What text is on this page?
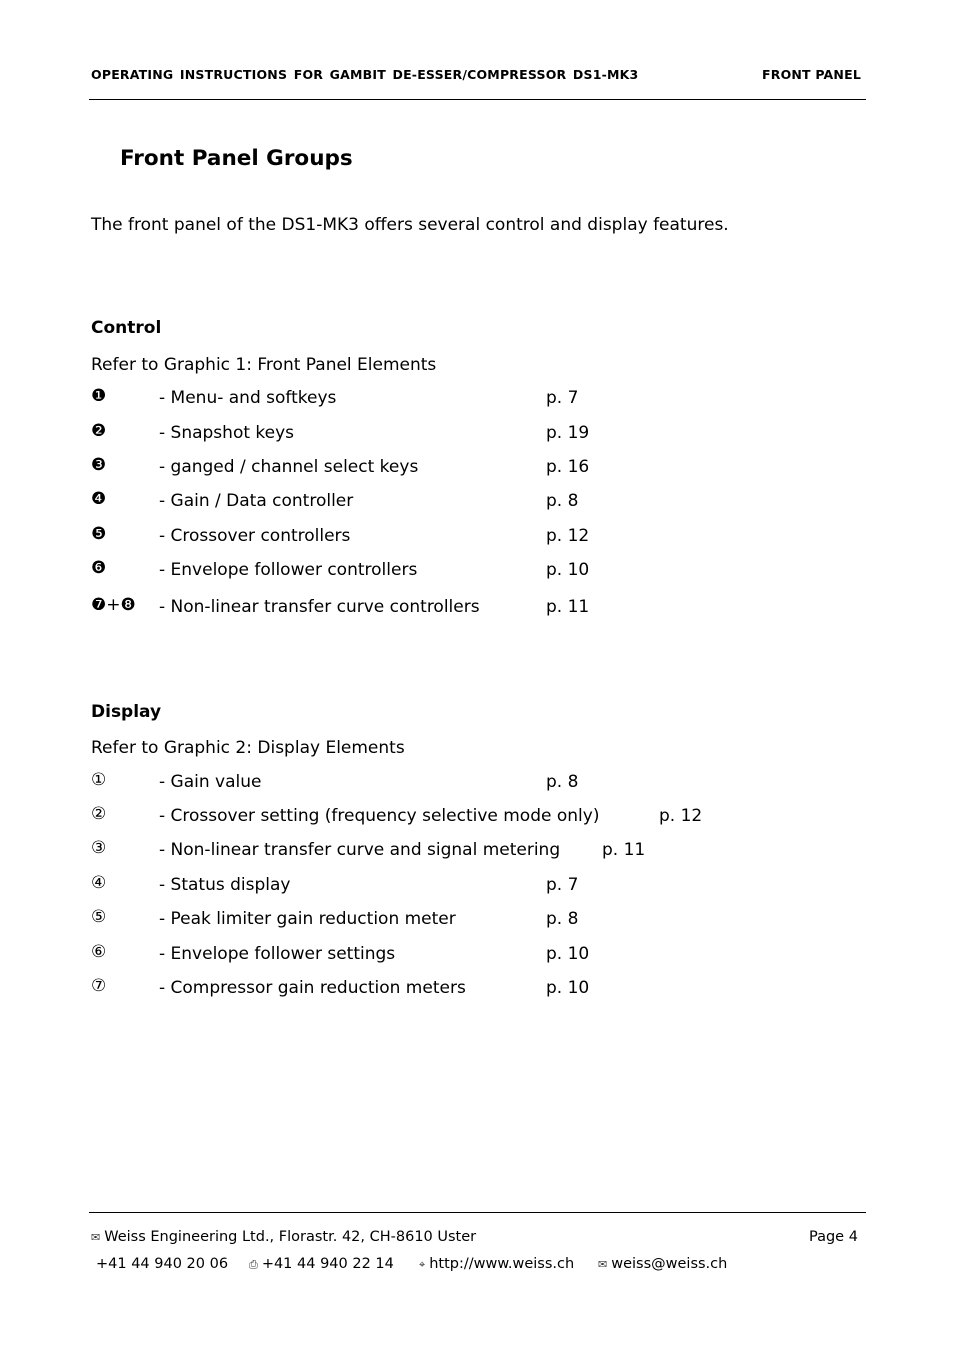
OPERATING INSTRUCTIONS FOR GAMBIT DE-ESSER/COMPRESSOR DS1-MK3	FRONT PANEL
Front Panel Groups
The front panel of the DS1-MK3 offers several control and display features.
Control
Refer to Graphic 1: Front Panel Elements
❶	- Menu- and softkeys	p. 7
❷	- Snapshot keys	p. 19
❸	- ganged / channel select keys	p. 16
❹	- Gain / Data controller	p. 8
❺	- Crossover controllers	p. 12
❻	- Envelope follower controllers	p. 10
❼+❽ - Non-linear transfer curve controllers	p. 11
Display
Refer to Graphic 2: Display Elements
①	- Gain value	p. 8
②	- Crossover setting (frequency selective mode only)	p. 12
③	- Non-linear transfer curve and signal metering p. 11
④	- Status display	p. 7
⑤	- Peak limiter gain reduction meter	p. 8
⑥	- Envelope follower settings	p. 10
⑦	- Compressor gain reduction meters	p. 10
✉ Weiss Engineering Ltd., Florastr. 42, CH-8610 Uster	Page 4
+41 44 940 20 06 ⎙ +41 44 940 22 14 ⌖ http://www.weiss.ch ✉ weiss@weiss.ch
